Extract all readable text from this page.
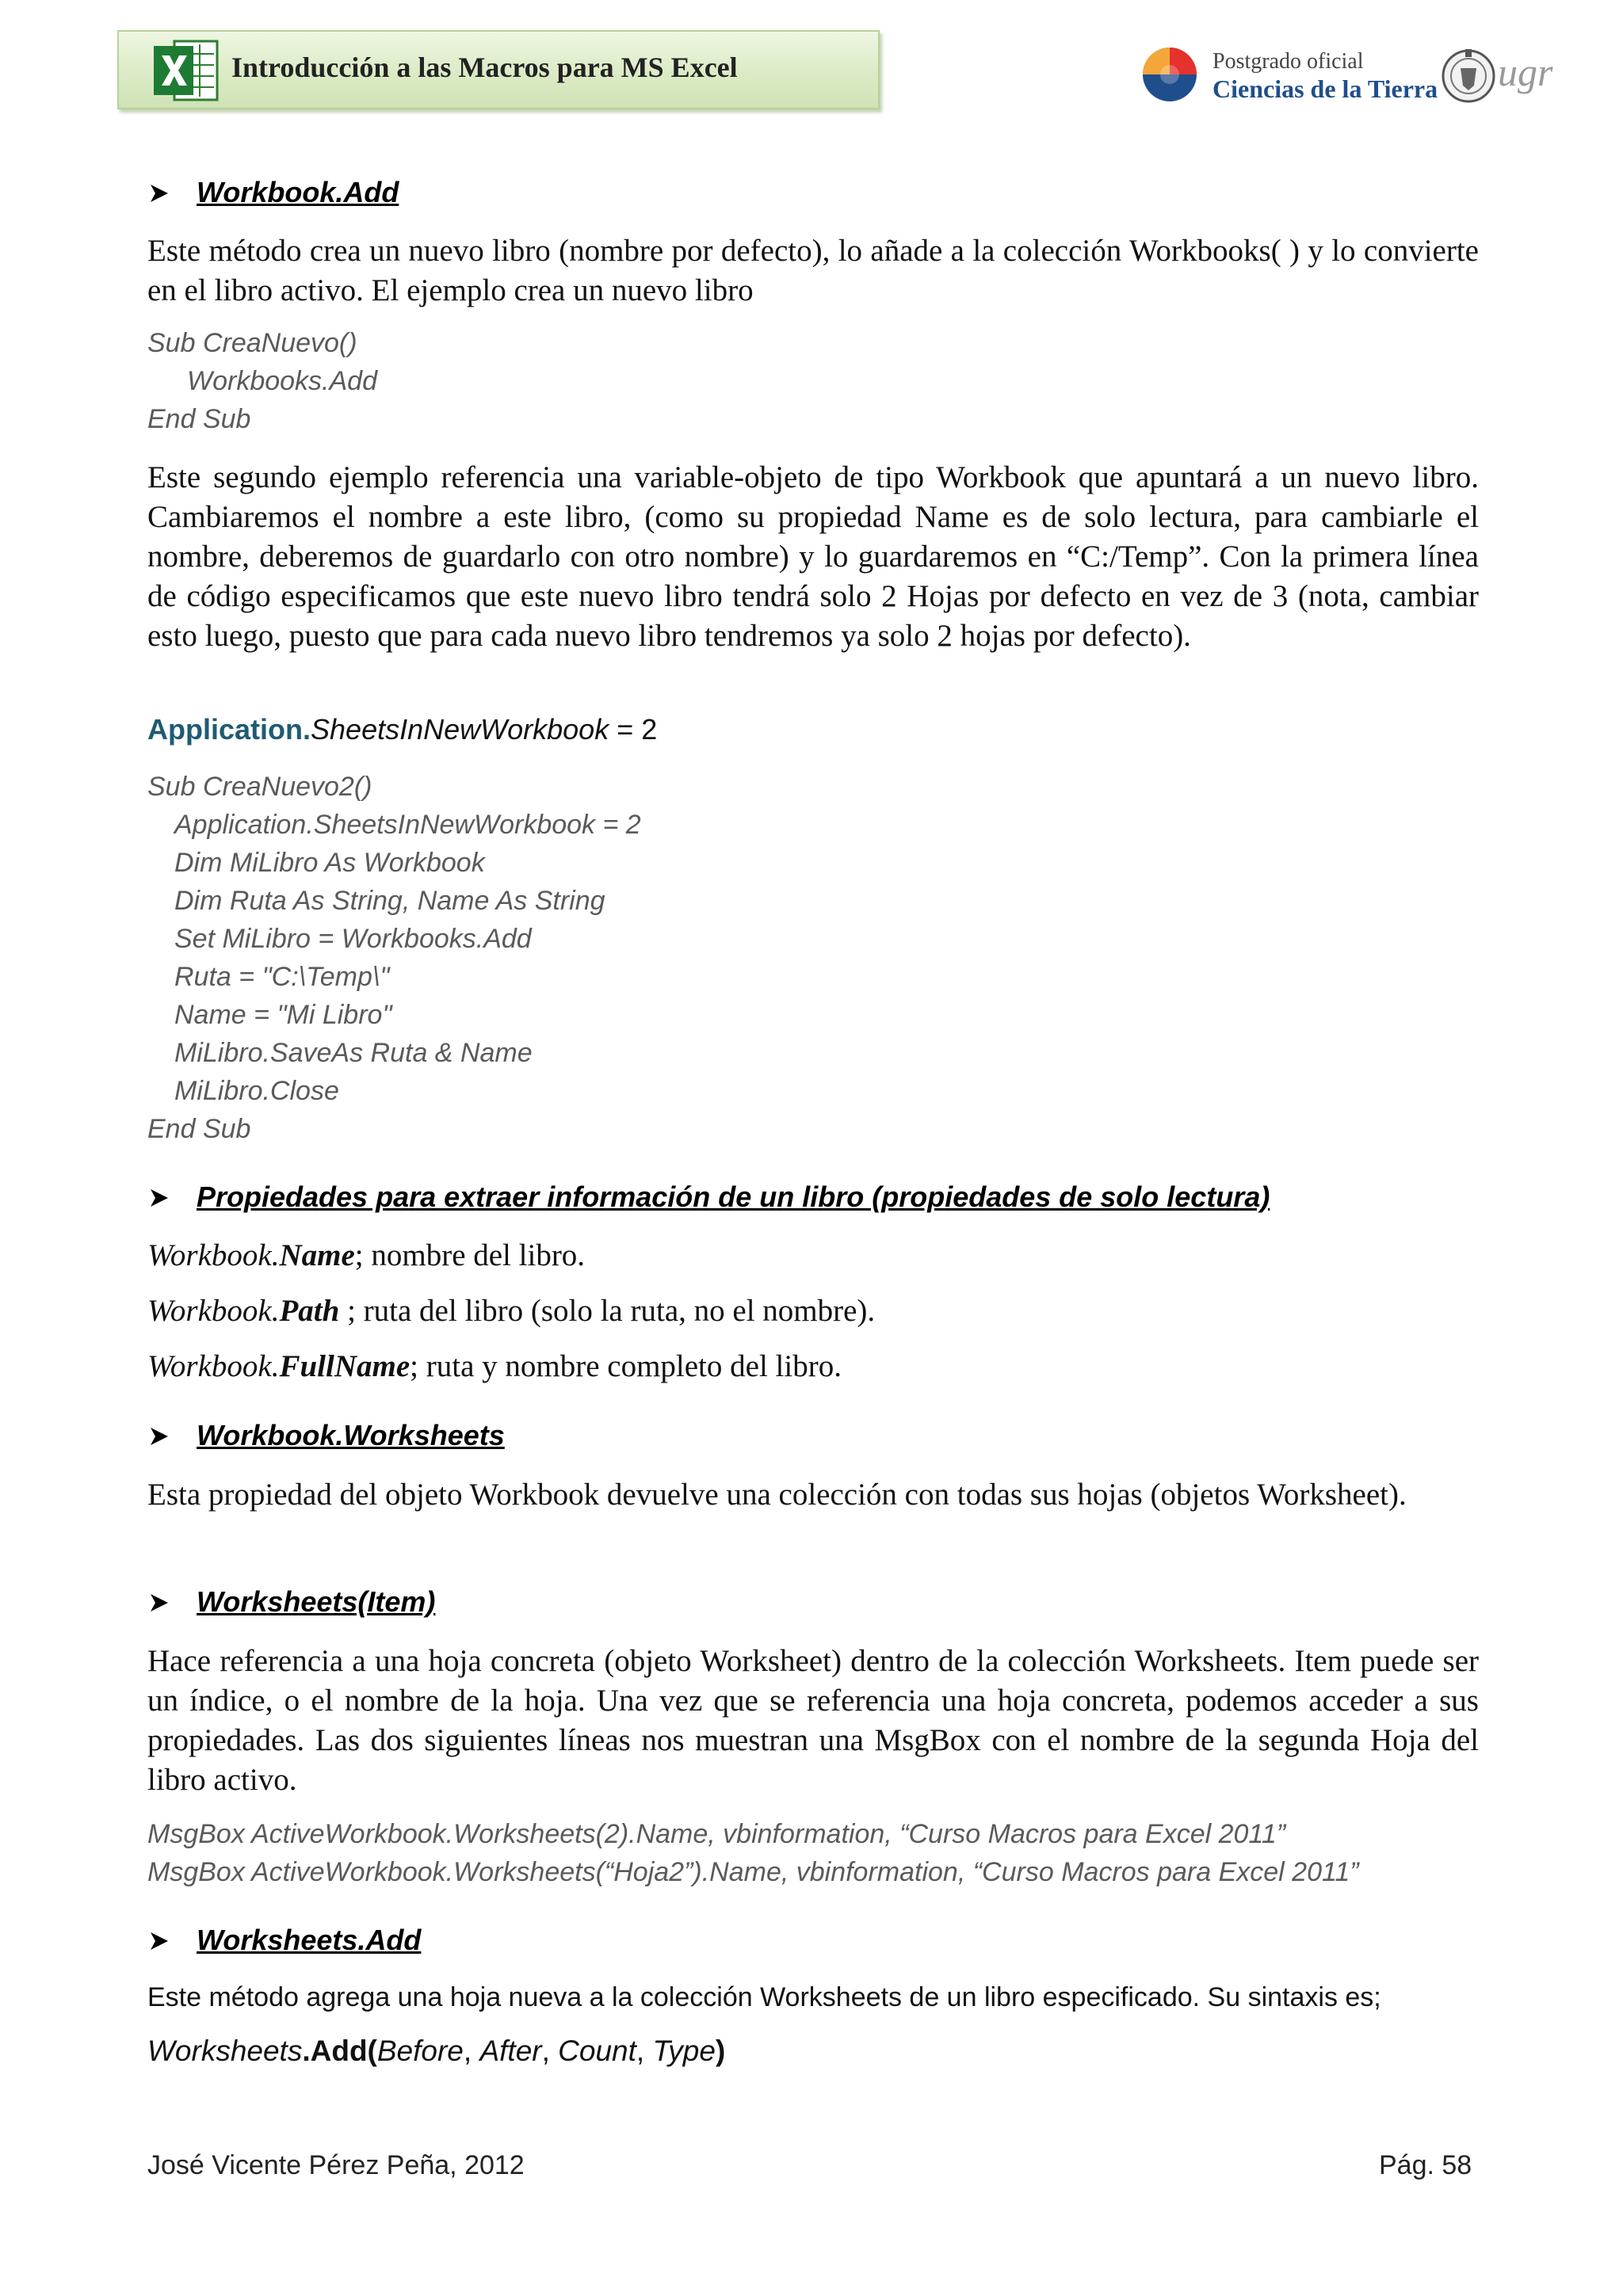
Introducción a las Macros para MS Excel	Postgrado oficial
Ciencias de la Tierra ugr
Workbook.Add
Este método crea un nuevo libro (nombre por defecto), lo añade a la colección Workbooks( ) y lo convierte en el libro activo. El ejemplo crea un nuevo libro
Sub CreaNuevo()
Workbooks.Add
End Sub
Este segundo ejemplo referencia una variable-objeto de tipo Workbook que apuntará a un nuevo libro. Cambiaremos el nombre a este libro, (como su propiedad Name es de solo lectura, para cambiarle el nombre, deberemos de guardarlo con otro nombre) y lo guardaremos en “C:/Temp”. Con la primera línea de código especificamos que este nuevo libro tendrá solo 2 Hojas por defecto en vez de 3 (nota, cambiar esto luego, puesto que para cada nuevo libro tendremos ya solo 2 hojas por defecto).
Application.SheetsInNewWorkbook = 2
Sub CreaNuevo2()
Application.SheetsInNewWorkbook = 2
Dim MiLibro As Workbook
Dim Ruta As String, Name As String
Set MiLibro = Workbooks.Add
Ruta = "C:\Temp\"
Name = "Mi Libro"
MiLibro.SaveAs Ruta & Name
MiLibro.Close
End Sub
Propiedades para extraer información de un libro (propiedades de solo lectura)
Workbook.Name; nombre del libro.
Workbook.Path ; ruta del libro (solo la ruta, no el nombre).
Workbook.FullName; ruta y nombre completo del libro.
Workbook.Worksheets
Esta propiedad del objeto Workbook devuelve una colección con todas sus hojas (objetos Worksheet).
Worksheets(Item)
Hace referencia a una hoja concreta (objeto Worksheet) dentro de la colección Worksheets. Item puede ser un índice, o el nombre de la hoja. Una vez que se referencia una hoja concreta, podemos acceder a sus propiedades. Las dos siguientes líneas nos muestran una MsgBox con el nombre de la segunda Hoja del libro activo.
MsgBox ActiveWorkbook.Worksheets(2).Name, vbinformation, “Curso Macros para Excel 2011”
MsgBox ActiveWorkbook.Worksheets(“Hoja2”).Name, vbinformation, “Curso Macros para Excel 2011”
Worksheets.Add
Este método agrega una hoja nueva a la colección Worksheets de un libro especificado. Su sintaxis es;
Worksheets.Add(Before, After, Count, Type)
José Vicente Pérez Peña, 2012	Pág. 58
